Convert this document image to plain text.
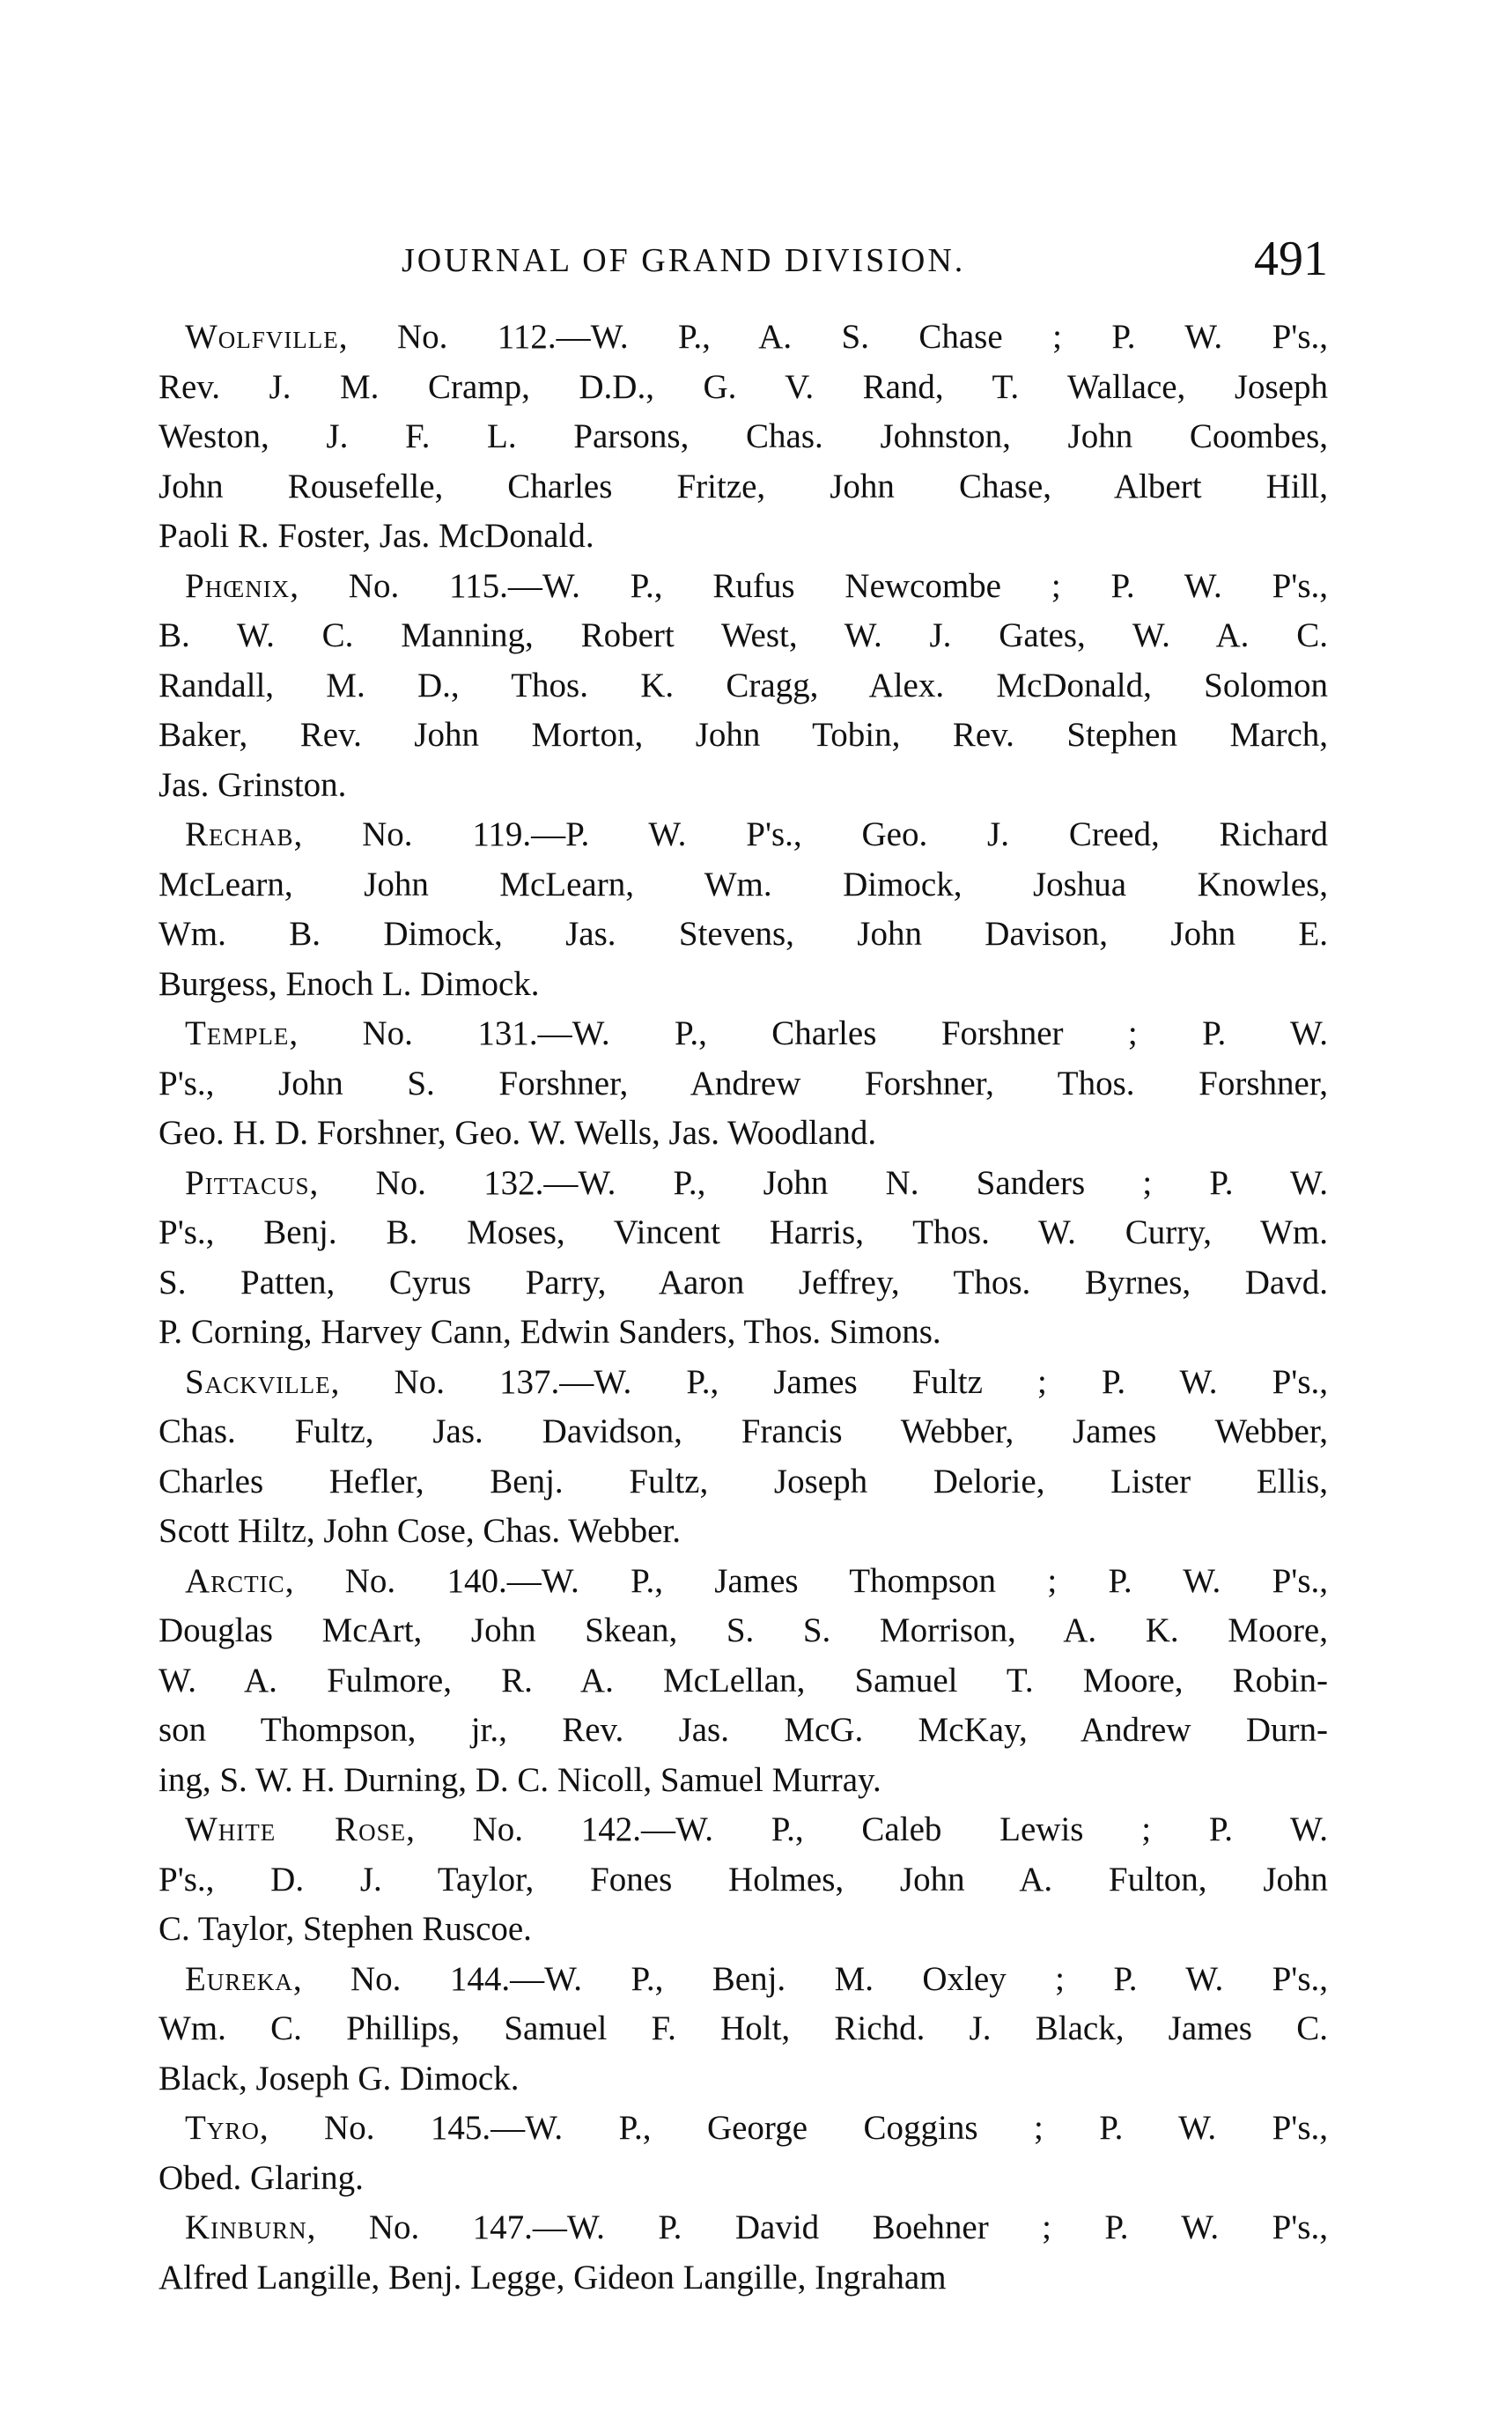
JOURNAL OF GRAND DIVISION.	491
Wolfville, No. 112.—W. P., A. S. Chase ; P. W. P's.,
Rev. J. M. Cramp, D.D., G. V. Rand, T. Wallace, Joseph
Weston, J. F. L. Parsons, Chas. Johnston, John Coombes,
John Rousefelle, Charles Fritze, John Chase, Albert Hill,
Paoli R. Foster, Jas. McDonald.
Phœnix, No. 115.—W. P., Rufus Newcombe ; P. W. P's.,
B. W. C. Manning, Robert West, W. J. Gates, W. A. C.
Randall, M. D., Thos. K. Cragg, Alex. McDonald, Solomon
Baker, Rev. John Morton, John Tobin, Rev. Stephen March,
Jas. Grinston.
Rechab, No. 119.—P. W. P's., Geo. J. Creed, Richard
McLearn, John McLearn, Wm. Dimock, Joshua Knowles,
Wm. B. Dimock, Jas. Stevens, John Davison, John E.
Burgess, Enoch L. Dimock.
Temple, No. 131.—W. P., Charles Forshner ; P. W.
P's., John S. Forshner, Andrew Forshner, Thos. Forshner,
Geo. H. D. Forshner, Geo. W. Wells, Jas. Woodland.
Pittacus, No. 132.—W. P., John N. Sanders ; P. W.
P's., Benj. B. Moses, Vincent Harris, Thos. W. Curry, Wm.
S. Patten, Cyrus Parry, Aaron Jeffrey, Thos. Byrnes, Davd.
P. Corning, Harvey Cann, Edwin Sanders, Thos. Simons.
Sackville, No. 137.—W. P., James Fultz ; P. W. P's.,
Chas. Fultz, Jas. Davidson, Francis Webber, James Webber,
Charles Hefler, Benj. Fultz, Joseph Delorie, Lister Ellis,
Scott Hiltz, John Cose, Chas. Webber.
Arctic, No. 140.—W. P., James Thompson ; P. W. P's.,
Douglas McArt, John Skean, S. S. Morrison, A. K. Moore,
W. A. Fulmore, R. A. McLellan, Samuel T. Moore, Robin-
son Thompson, jr., Rev. Jas. McG. McKay, Andrew Durn-
ing, S. W. H. Durning, D. C. Nicoll, Samuel Murray.
White Rose, No. 142.—W. P., Caleb Lewis ; P. W.
P's., D. J. Taylor, Fones Holmes, John A. Fulton, John
C. Taylor, Stephen Ruscoe.
Eureka, No. 144.—W. P., Benj. M. Oxley ; P. W. P's.,
Wm. C. Phillips, Samuel F. Holt, Richd. J. Black, James C.
Black, Joseph G. Dimock.
Tyro, No. 145.—W. P., George Coggins ; P. W. P's.,
Obed. Glaring.
Kinburn, No. 147.—W. P. David Boehner ; P. W. P's.,
Alfred Langille, Benj. Legge, Gideon Langille, Ingraham
